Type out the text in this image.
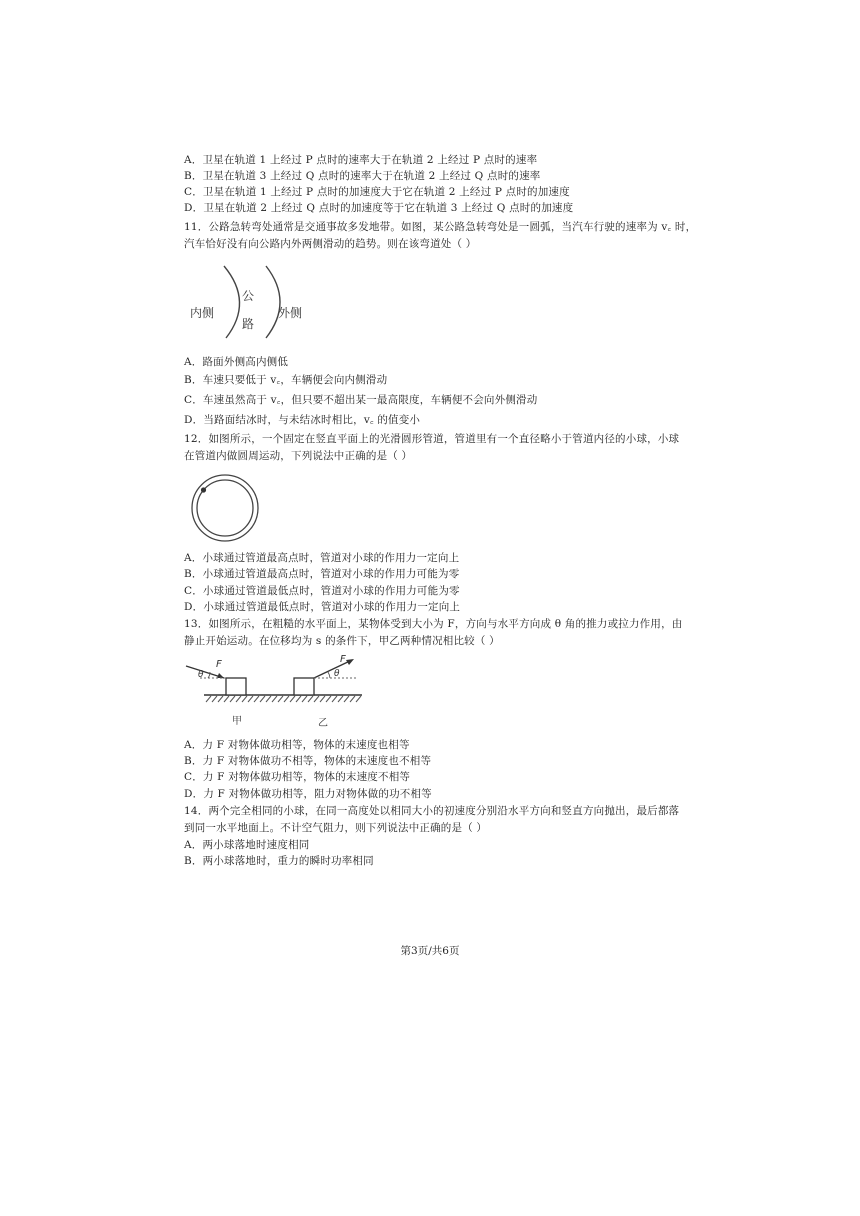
A．卫星在轨道 1 上经过 P 点时的速率大于在轨道 2 上经过 P 点时的速率
B．卫星在轨道 3 上经过 Q 点时的速率大于在轨道 2 上经过 Q 点时的速率
C．卫星在轨道 1 上经过 P 点时的加速度大于它在轨道 2 上经过 P 点时的加速度
D．卫星在轨道 2 上经过 Q 点时的加速度等于它在轨道 3 上经过 Q 点时的加速度
11．公路急转弯处通常是交通事故多发地带。如图，某公路急转弯处是一圆弧，当汽车行驶的速率为 v꜀ 时，
汽车恰好没有向公路内外两侧滑动的趋势。则在该弯道处（ ）
内侧
公
路
外侧
A．路面外侧高内侧低
B．车速只要低于 v꜀，车辆便会向内侧滑动
C．车速虽然高于 v꜀，但只要不超出某一最高限度，车辆便不会向外侧滑动
D．当路面结冰时，与未结冰时相比，v꜀ 的值变小
12．如图所示，一个固定在竖直平面上的光滑圆形管道，管道里有一个直径略小于管道内径的小球，小球
在管道内做圆周运动，下列说法中正确的是（ ）
A．小球通过管道最高点时，管道对小球的作用力一定向上
B．小球通过管道最高点时，管道对小球的作用力可能为零
C．小球通过管道最低点时，管道对小球的作用力可能为零
D．小球通过管道最低点时，管道对小球的作用力一定向上
13．如图所示，在粗糙的水平面上，某物体受到大小为 F，方向与水平方向成 θ 角的推力或拉力作用，由
静止开始运动。在位移均为 s 的条件下，甲乙两种情况相比较（ ）
F
θ
F
θ
甲	乙
A．力 F 对物体做功相等，物体的末速度也相等
B．力 F 对物体做功不相等，物体的末速度也不相等
C．力 F 对物体做功相等，物体的末速度不相等
D．力 F 对物体做功相等，阻力对物体做的功不相等
14．两个完全相同的小球，在同一高度处以相同大小的初速度分别沿水平方向和竖直方向抛出，最后都落
到同一水平地面上。不计空气阻力，则下列说法中正确的是（ ）
A．两小球落地时速度相同
B．两小球落地时，重力的瞬时功率相同
第3页/共6页
